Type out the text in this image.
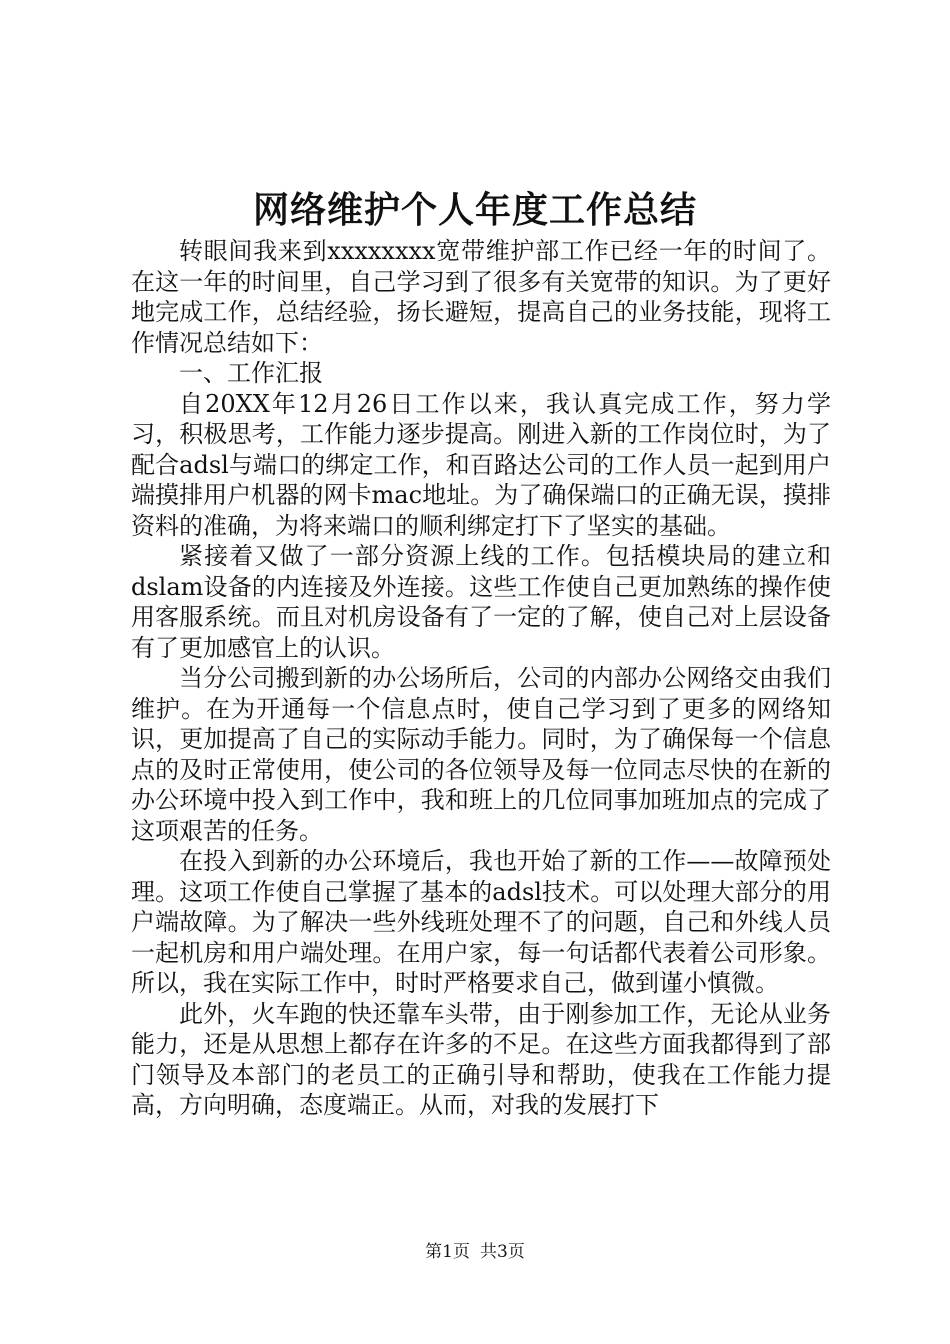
网络维护个人年度工作总结

转眼间我来到xxxxxxxx宽带维护部工作已经一年的时间了。在这一年的时间里，自己学习到了很多有关宽带的知识。为了更好地完成工作，总结经验，扬长避短，提高自己的业务技能，现将工作情况总结如下：

一、工作汇报

自20XX年12月26日工作以来，我认真完成工作，努力学习，积极思考，工作能力逐步提高。刚进入新的工作岗位时，为了配合adsl与端口的绑定工作，和百路达公司的工作人员一起到用户端摸排用户机器的网卡mac地址。为了确保端口的正确无误，摸排资料的准确，为将来端口的顺利绑定打下了坚实的基础。

紧接着又做了一部分资源上线的工作。包括模块局的建立和dslam设备的内连接及外连接。这些工作使自己更加熟练的操作使用客服系统。而且对机房设备有了一定的了解，使自己对上层设备有了更加感官上的认识。

当分公司搬到新的办公场所后，公司的内部办公网络交由我们维护。在为开通每一个信息点时，使自己学习到了更多的网络知识，更加提高了自己的实际动手能力。同时，为了确保每一个信息点的及时正常使用，使公司的各位领导及每一位同志尽快的在新的办公环境中投入到工作中，我和班上的几位同事加班加点的完成了这项艰苦的任务。

在投入到新的办公环境后，我也开始了新的工作——故障预处理。这项工作使自己掌握了基本的adsl技术。可以处理大部分的用户端故障。为了解决一些外线班处理不了的问题，自己和外线人员一起机房和用户端处理。在用户家，每一句话都代表着公司形象。所以，我在实际工作中，时时严格要求自己，做到谨小慎微。

此外，火车跑的快还靠车头带，由于刚参加工作，无论从业务能力，还是从思想上都存在许多的不足。在这些方面我都得到了部门领导及本部门的老员工的正确引导和帮助，使我在工作能力提高，方向明确，态度端正。从而，对我的发展打下

第1页 共3页
